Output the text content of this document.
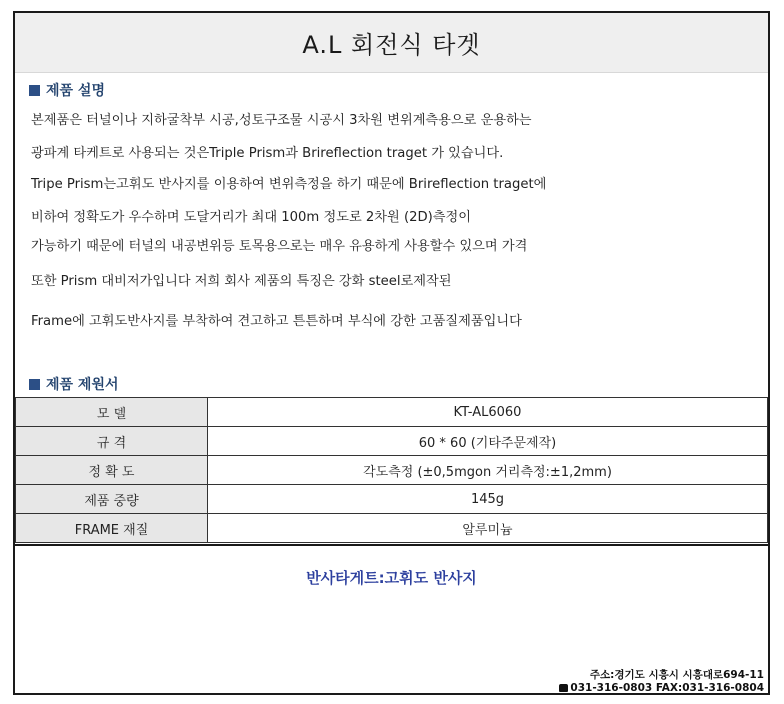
A.L 회전식 타겟
제품 설명
본제품은 터널이나 지하굴착부 시공,성토구조물 시공시 3차원 변위계측용으로 운용하는
광파계 타케트로 사용되는 것은Triple Prism과 Brireflection traget 가 있습니다.
Tripe Prism는고휘도 반사지를 이용하여 변위측정을 하기 때문에 Brireflection traget에
비하여 정확도가 우수하며 도달거리가 최대 100m 정도로 2차원 (2D)측정이
가능하기 때문에 터널의 내공변위등 토목용으로는 매우 유용하게 사용할수 있으며 가격
또한 Prism 대비저가입니다 저희 회사 제품의 특징은 강화 steel로제작된
Frame에 고휘도반사지를 부착하여 견고하고 튼튼하며 부식에 강한 고품질제품입니다
제품 제원서
모 델	KT-AL6060
규 격	60 * 60 (기타주문제작)
정 확 도	각도측정 (±0,5mgon 거리측정:±1,2mm)
제품 중량	145g
FRAME 재질	알루미늄
반사타게트:고휘도 반사지
주소:경기도 시흥시 시흥대로694-11
031-316-0803 FAX:031-316-0804
